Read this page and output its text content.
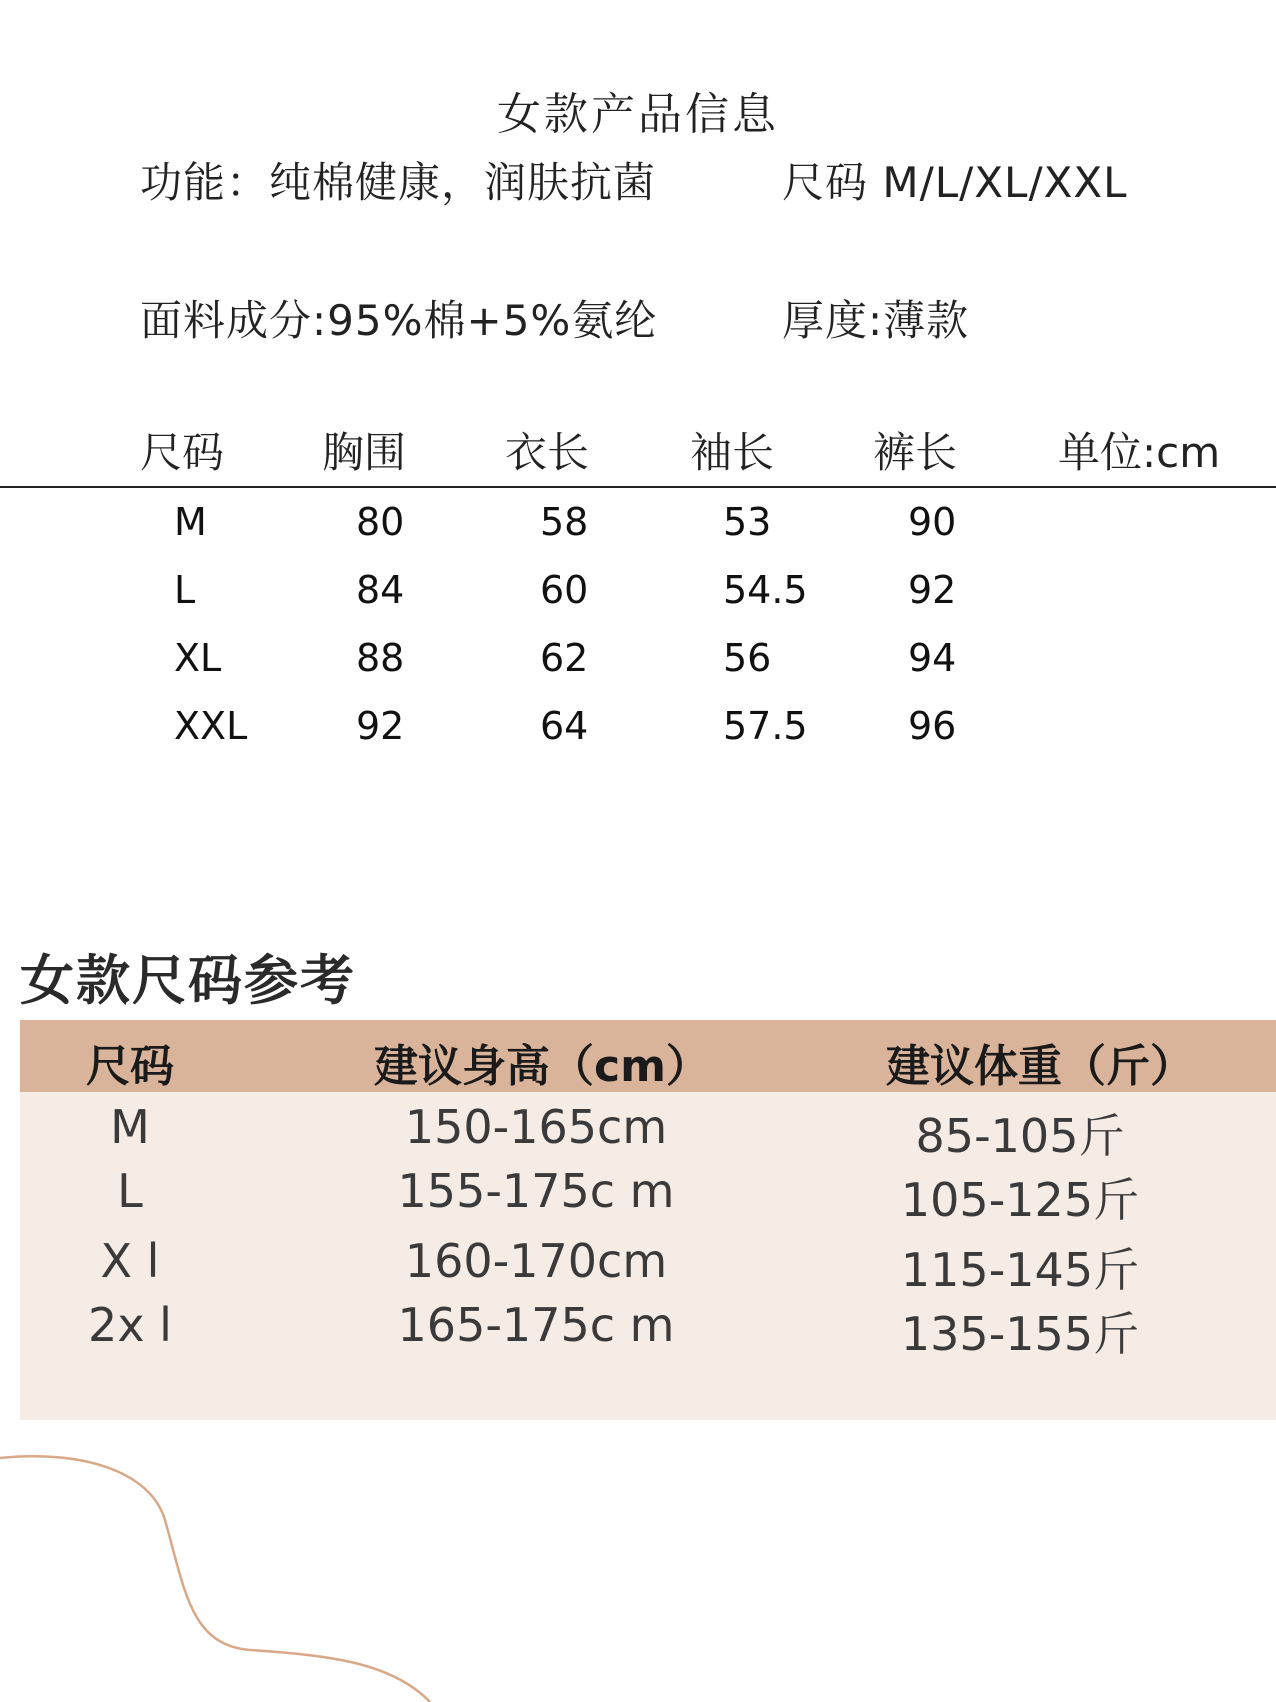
女款产品信息
功能：纯棉健康，润肤抗菌	尺码 M/L/XL/XXL
面料成分:95%棉+5%氨纶	厚度:薄款
尺码 胸围 衣长 袖长 裤长 单位:cm
M	80	58	53	90
L	84	60	54.5	92
XL	88	62	56	94
XXL	92	64	57.5	96
女款尺码参考
尺码	建议身高（cm）	建议体重（斤）
M	150-165cm	85-105斤
L	155-175c m	105-125斤
X l	160-170cm	115-145斤
2x l	165-175c m	135-155斤
